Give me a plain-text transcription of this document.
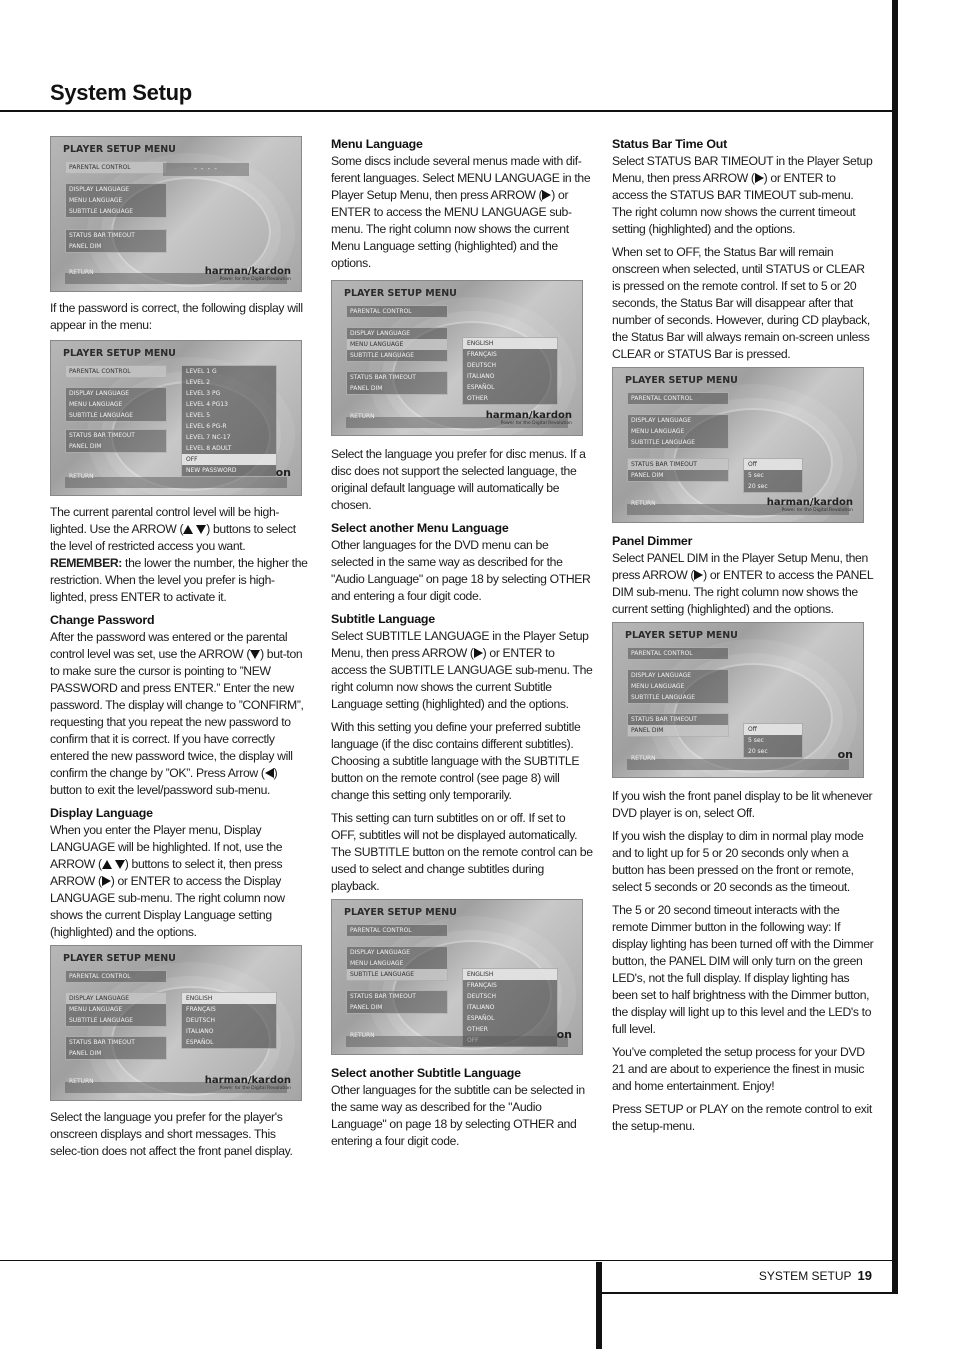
System Setup
PLAYER SETUP MENU
PARENTAL CONTROL	- - - -
DISPLAY LANGUAGE
MENU LANGUAGE
SUBTITLE LANGUAGE
STATUS BAR TIMEOUT
PANEL DIM
RETURN	harman/kardon
Power for the Digital Revolution

If the password is correct, the following display will appear in the menu:

PLAYER SETUP MENU
PARENTAL CONTROL
DISPLAY LANGUAGE
MENU LANGUAGE
SUBTITLE LANGUAGE
STATUS BAR TIMEOUT
PANEL DIM
LEVEL 1 G
LEVEL 2
LEVEL 3 PG
LEVEL 4 PG13
LEVEL 5
LEVEL 6 PG-R
LEVEL 7 NC-17
LEVEL 8 ADULT
OFF
NEW PASSWORD
RETURN	on

The current parental control level will be high-lighted. Use the ARROW ( ) buttons to select the level of restricted access you want. REMEMBER: the lower the number, the higher the restriction. When the level you prefer is high-lighted, press ENTER to activate it.

Change Password

After the password was entered or the parental control level was set, use the ARROW ( ) but-ton to make sure the cursor is pointing to ”NEW PASSWORD and press ENTER.” Enter the new password. The display will change to ”CONFIRM”, requesting that you repeat the new password to confirm that it is correct. If you have correctly entered the new password twice, the display will confirm the change by ”OK”. Press Arrow ( ) button to exit the level/password sub-menu.

Display Language

When you enter the Player menu, Display LANGUAGE will be highlighted. If not, use the ARROW ( ) buttons to select it, then press ARROW ( ) or ENTER to access the Display LANGUAGE sub-menu. The right column now shows the current Display Language setting (highlighted) and the options.

PLAYER SETUP MENU
PARENTAL CONTROL
DISPLAY LANGUAGE
MENU LANGUAGE
SUBTITLE LANGUAGE
STATUS BAR TIMEOUT
PANEL DIM
ENGLISH
FRANÇAIS
DEUTSCH
ITALIANO
ESPAÑOL
RETURN	harman/kardon
Power for the Digital Revolution

Select the language you prefer for the player's onscreen displays and short messages. This selec-tion does not affect the front panel display.

Menu Language

Some discs include several menus made with dif-ferent languages. Select MENU LANGUAGE in the Player Setup Menu, then press ARROW ( ) or ENTER to access the MENU LANGUAGE sub-menu. The right column now shows the current Menu Language setting (highlighted) and the options.

PLAYER SETUP MENU
PARENTAL CONTROL
DISPLAY LANGUAGE
MENU LANGUAGE
SUBTITLE LANGUAGE
STATUS BAR TIMEOUT
PANEL DIM
ENGLISH
FRANÇAIS
DEUTSCH
ITALIANO
ESPAÑOL
OTHER
RETURN	harman/kardon
Power for the Digital Revolution

Select the language you prefer for disc menus. If a disc does not support the selected language, the original default language will automatically be chosen.

Select another Menu Language

Other languages for the DVD menu can be selected in the same way as described for the "Audio Language" on page 18 by selecting OTHER and entering a four digit code.

Subtitle Language

Select SUBTITLE LANGUAGE in the Player Setup Menu, then press ARROW ( ) or ENTER to access the SUBTITLE LANGUAGE sub-menu. The right column now shows the current Subtitle Language setting (highlighted) and the options.

With this setting you define your preferred subtitle language (if the disc contains different subtitles). Choosing a subtitle language with the SUBTITLE button on the remote control (see page 8) will change this setting only temporarily.

This setting can turn subtitles on or off. If set to OFF, subtitles will not be displayed automatically. The SUBTITLE button on the remote control can be used to select and change subtitles during playback.

PLAYER SETUP MENU
PARENTAL CONTROL
DISPLAY LANGUAGE
MENU LANGUAGE
SUBTITLE LANGUAGE
STATUS BAR TIMEOUT
PANEL DIM
ENGLISH
FRANÇAIS
DEUTSCH
ITALIANO
ESPAÑOL
OTHER
RETURN	on
Select another Subtitle Language

Other languages for the subtitle can be selected in the same way as described for the "Audio Language" on page 18 by selecting OTHER and entering a four digit code.

Status Bar Time Out

Select STATUS BAR TIMEOUT in the Player Setup Menu, then press ARROW ( ) or ENTER to access the STATUS BAR TIMEOUT sub-menu. The right column now shows the current timeout setting (highlighted) and the options.

When set to OFF, the Status Bar will remain onscreen when selected, until STATUS or CLEAR is pressed on the remote control. If set to 5 or 20 seconds, the Status Bar will disappear after that number of seconds. However, during CD playback, the Status Bar will always remain on-screen unless CLEAR or STATUS Bar is pressed.

PLAYER SETUP MENU
PARENTAL CONTROL
DISPLAY LANGUAGE
MENU LANGUAGE
SUBTITLE LANGUAGE
STATUS BAR TIMEOUT
PANEL DIM
Off
5 sec
20 sec
RETURN	harman/kardon
Power for the Digital Revolution
Panel Dimmer

Select PANEL DIM in the Player Setup Menu, then press ARROW ( ) or ENTER to access the PANEL DIM sub-menu. The right column now shows the current setting (highlighted) and the options.

PLAYER SETUP MENU
PARENTAL CONTROL
DISPLAY LANGUAGE
MENU LANGUAGE
SUBTITLE LANGUAGE
STATUS BAR TIMEOUT
PANEL DIM	Off
5 sec
20 sec
RETURN	on

If you wish the front panel display to be lit whenever DVD player is on, select Off.

If you wish the display to dim in normal play mode and to light up for 5 or 20 seconds only when a button has been pressed on the front or remote, select 5 seconds or 20 seconds as the timeout.

The 5 or 20 second timeout interacts with the remote Dimmer button in the following way: If display lighting has been turned off with the Dimmer button, the PANEL DIM will only turn on the green LED's, not the full display. If display lighting has been set to half brightness with the Dimmer button, the display will light up to this level and the LED's to full level.

You’ve completed the setup process for your DVD 21 and are about to experience the finest in music and home entertainment. Enjoy!

Press SETUP or PLAY on the remote control to exit the setup-menu.

SYSTEM SETUP 19
